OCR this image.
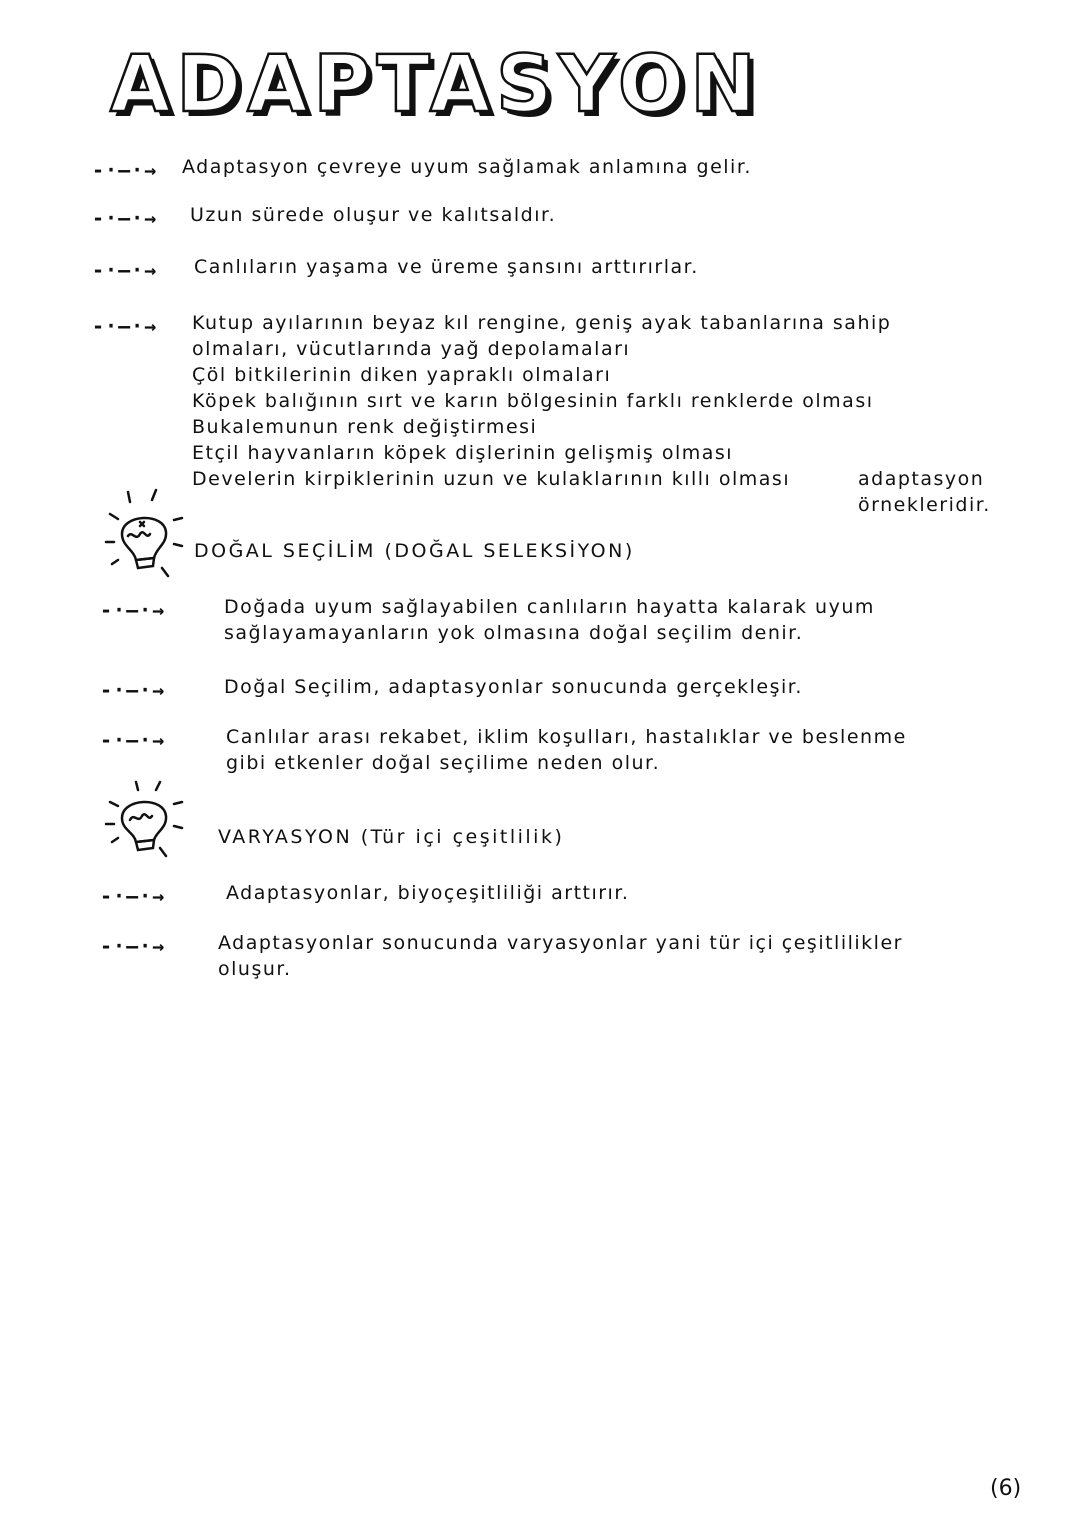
ADAPTASYON
-·—·→ Adaptasyon çevreye uyum sağlamak anlamına gelir.
-·—·→ Uzun sürede oluşur ve kalıtsaldır.
-·—·→ Canlıların yaşama ve üreme şansını arttırırlar.
-·—·→ Kutup ayılarının beyaz kıl rengine, geniş ayak tabanlarına sahip
olmaları, vücutlarında yağ depolamaları
Çöl bitkilerinin diken yapraklı olmaları
Köpek balığının sırt ve karın bölgesinin farklı renklerde olması
Bukalemunun renk değiştirmesi
Etçil hayvanların köpek dişlerinin gelişmiş olması
Develerin kirpiklerinin uzun ve kulaklarının kıllı olması	adaptasyon
örnekleridir.
DOĞAL SEÇİLİM (DOĞAL SELEKSİYON)
-·—·→	Doğada uyum sağlayabilen canlıların hayatta kalarak uyum
sağlayamayanların yok olmasına doğal seçilim denir.
-·—·→	Doğal Seçilim, adaptasyonlar sonucunda gerçekleşir.
-·—·→	Canlılar arası rekabet, iklim koşulları, hastalıklar ve beslenme
gibi etkenler doğal seçilime neden olur.
VARYASYON (Tür içi çeşitlilik)
-·—·→	Adaptasyonlar, biyoçeşitliliği arttırır.
-·—·→	Adaptasyonlar sonucunda varyasyonlar yani tür içi çeşitlilikler
oluşur.
(6)
